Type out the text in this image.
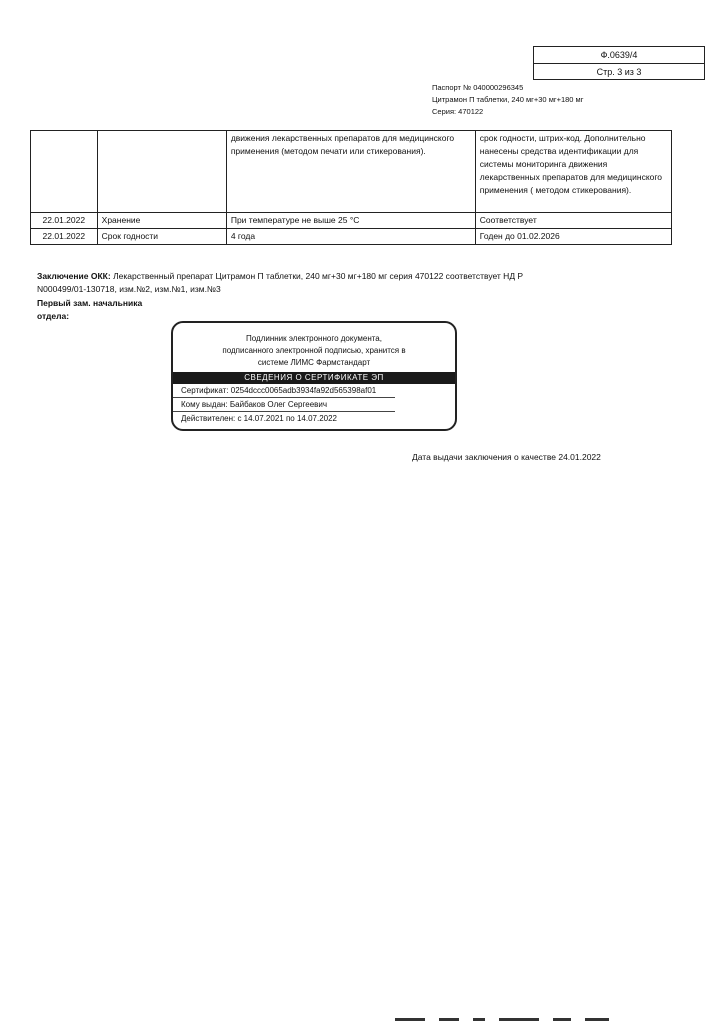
Ф.0639/4
Стр. 3 из 3
Паспорт № 040000296345
Цитрамон П таблетки, 240 мг+30 мг+180 мг
Серия: 470122
		движения лекарственных препаратов для медицинского применения (методом печати или стикерования).	срок годности, штрих-код. Дополнительно нанесены средства идентификации для системы мониторинга движения лекарственных препаратов для медицинского применения ( методом стикерования).
22.01.2022	Хранение	При температуре не выше 25 °С	Соответствует
22.01.2022	Срок годности	4 года	Годен до 01.02.2026
Заключение ОКК: Лекарственный препарат Цитрамон П таблетки, 240 мг+30 мг+180 мг серия 470122 соответствует НД Р N000499/01-130718, изм.№2, изм.№1, изм.№3
Первый зам. начальника
отдела:
Подлинник электронного документа,
подписанного электронной подписью, хранится в
системе ЛИМС Фармстандарт
СВЕДЕНИЯ О СЕРТИФИКАТЕ ЭП
Сертификат: 0254dccc0065adb3934fa92d565398af01
Кому выдан: Байбаков Олег Сергеевич
Действителен: с 14.07.2021 по 14.07.2022
Дата выдачи заключения о качестве 24.01.2022
